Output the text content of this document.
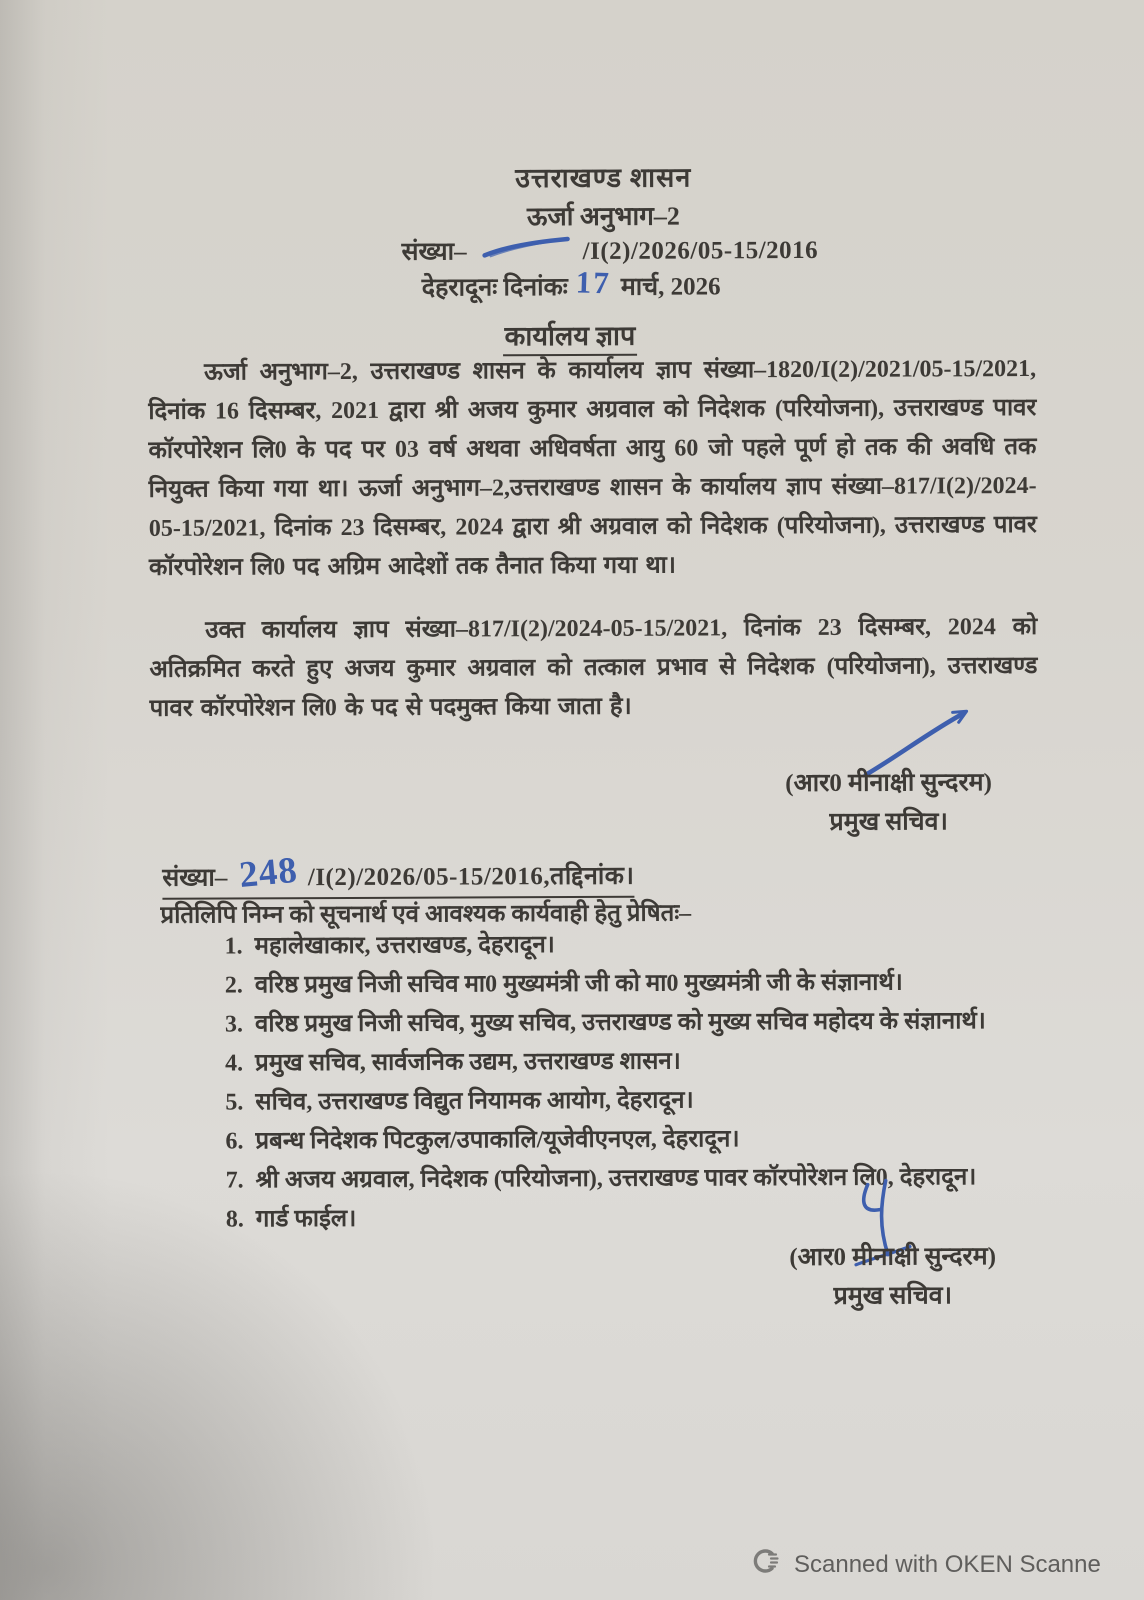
उत्तराखण्ड शासन
ऊर्जा अनुभाग–2
संख्या–	/I(2)/2026/05-15/2016
देहरादूनः दिनांकः 17 मार्च, 2026
कार्यालय ज्ञाप
ऊर्जा अनुभाग–2, उत्तराखण्ड शासन के कार्यालय ज्ञाप संख्या–1820/I(2)/2021/05-15/2021, दिनांक 16 दिसम्बर, 2021 द्वारा श्री अजय कुमार अग्रवाल को निदेशक (परियोजना), उत्तराखण्ड पावर कॉरपोरेशन लि0 के पद पर 03 वर्ष अथवा अधिवर्षता आयु 60 जो पहले पूर्ण हो तक की अवधि तक नियुक्त किया गया था। ऊर्जा अनुभाग–2,उत्तराखण्ड शासन के कार्यालय ज्ञाप संख्या–817/I(2)/2024-05-15/2021, दिनांक 23 दिसम्बर, 2024 द्वारा श्री अग्रवाल को निदेशक (परियोजना), उत्तराखण्ड पावर कॉरपोरेशन लि0 पद अग्रिम आदेशों तक तैनात किया गया था।
उक्त कार्यालय ज्ञाप संख्या–817/I(2)/2024-05-15/2021, दिनांक 23 दिसम्बर, 2024 को अतिक्रमित करते हुए अजय कुमार अग्रवाल को तत्काल प्रभाव से निदेशक (परियोजना), उत्तराखण्ड पावर कॉरपोरेशन लि0 के पद से पदमुक्त किया जाता है।
(आर0 मीनाक्षी सुन्दरम)
प्रमुख सचिव।
संख्या– 248 /I(2)/2026/05-15/2016,तद्दिनांक।
प्रतिलिपि निम्न को सूचनार्थ एवं आवश्यक कार्यवाही हेतु प्रेषितः–
1. महालेखाकार, उत्तराखण्ड, देहरादून।
2. वरिष्ठ प्रमुख निजी सचिव मा0 मुख्यमंत्री जी को मा0 मुख्यमंत्री जी के संज्ञानार्थ।
3. वरिष्ठ प्रमुख निजी सचिव, मुख्य सचिव, उत्तराखण्ड को मुख्य सचिव महोदय के संज्ञानार्थ।
4. प्रमुख सचिव, सार्वजनिक उद्यम, उत्तराखण्ड शासन।
5. सचिव, उत्तराखण्ड विद्युत नियामक आयोग, देहरादून।
6. प्रबन्ध निदेशक पिटकुल/उपाकालि/यूजेवीएनएल, देहरादून।
7. श्री अजय अग्रवाल, निदेशक (परियोजना), उत्तराखण्ड पावर कॉरपोरेशन लि0, देहरादून।
8. गार्ड फाईल।
(आर0 मीनाक्षी सुन्दरम)
प्रमुख सचिव।
Scanned with OKEN Scanne
